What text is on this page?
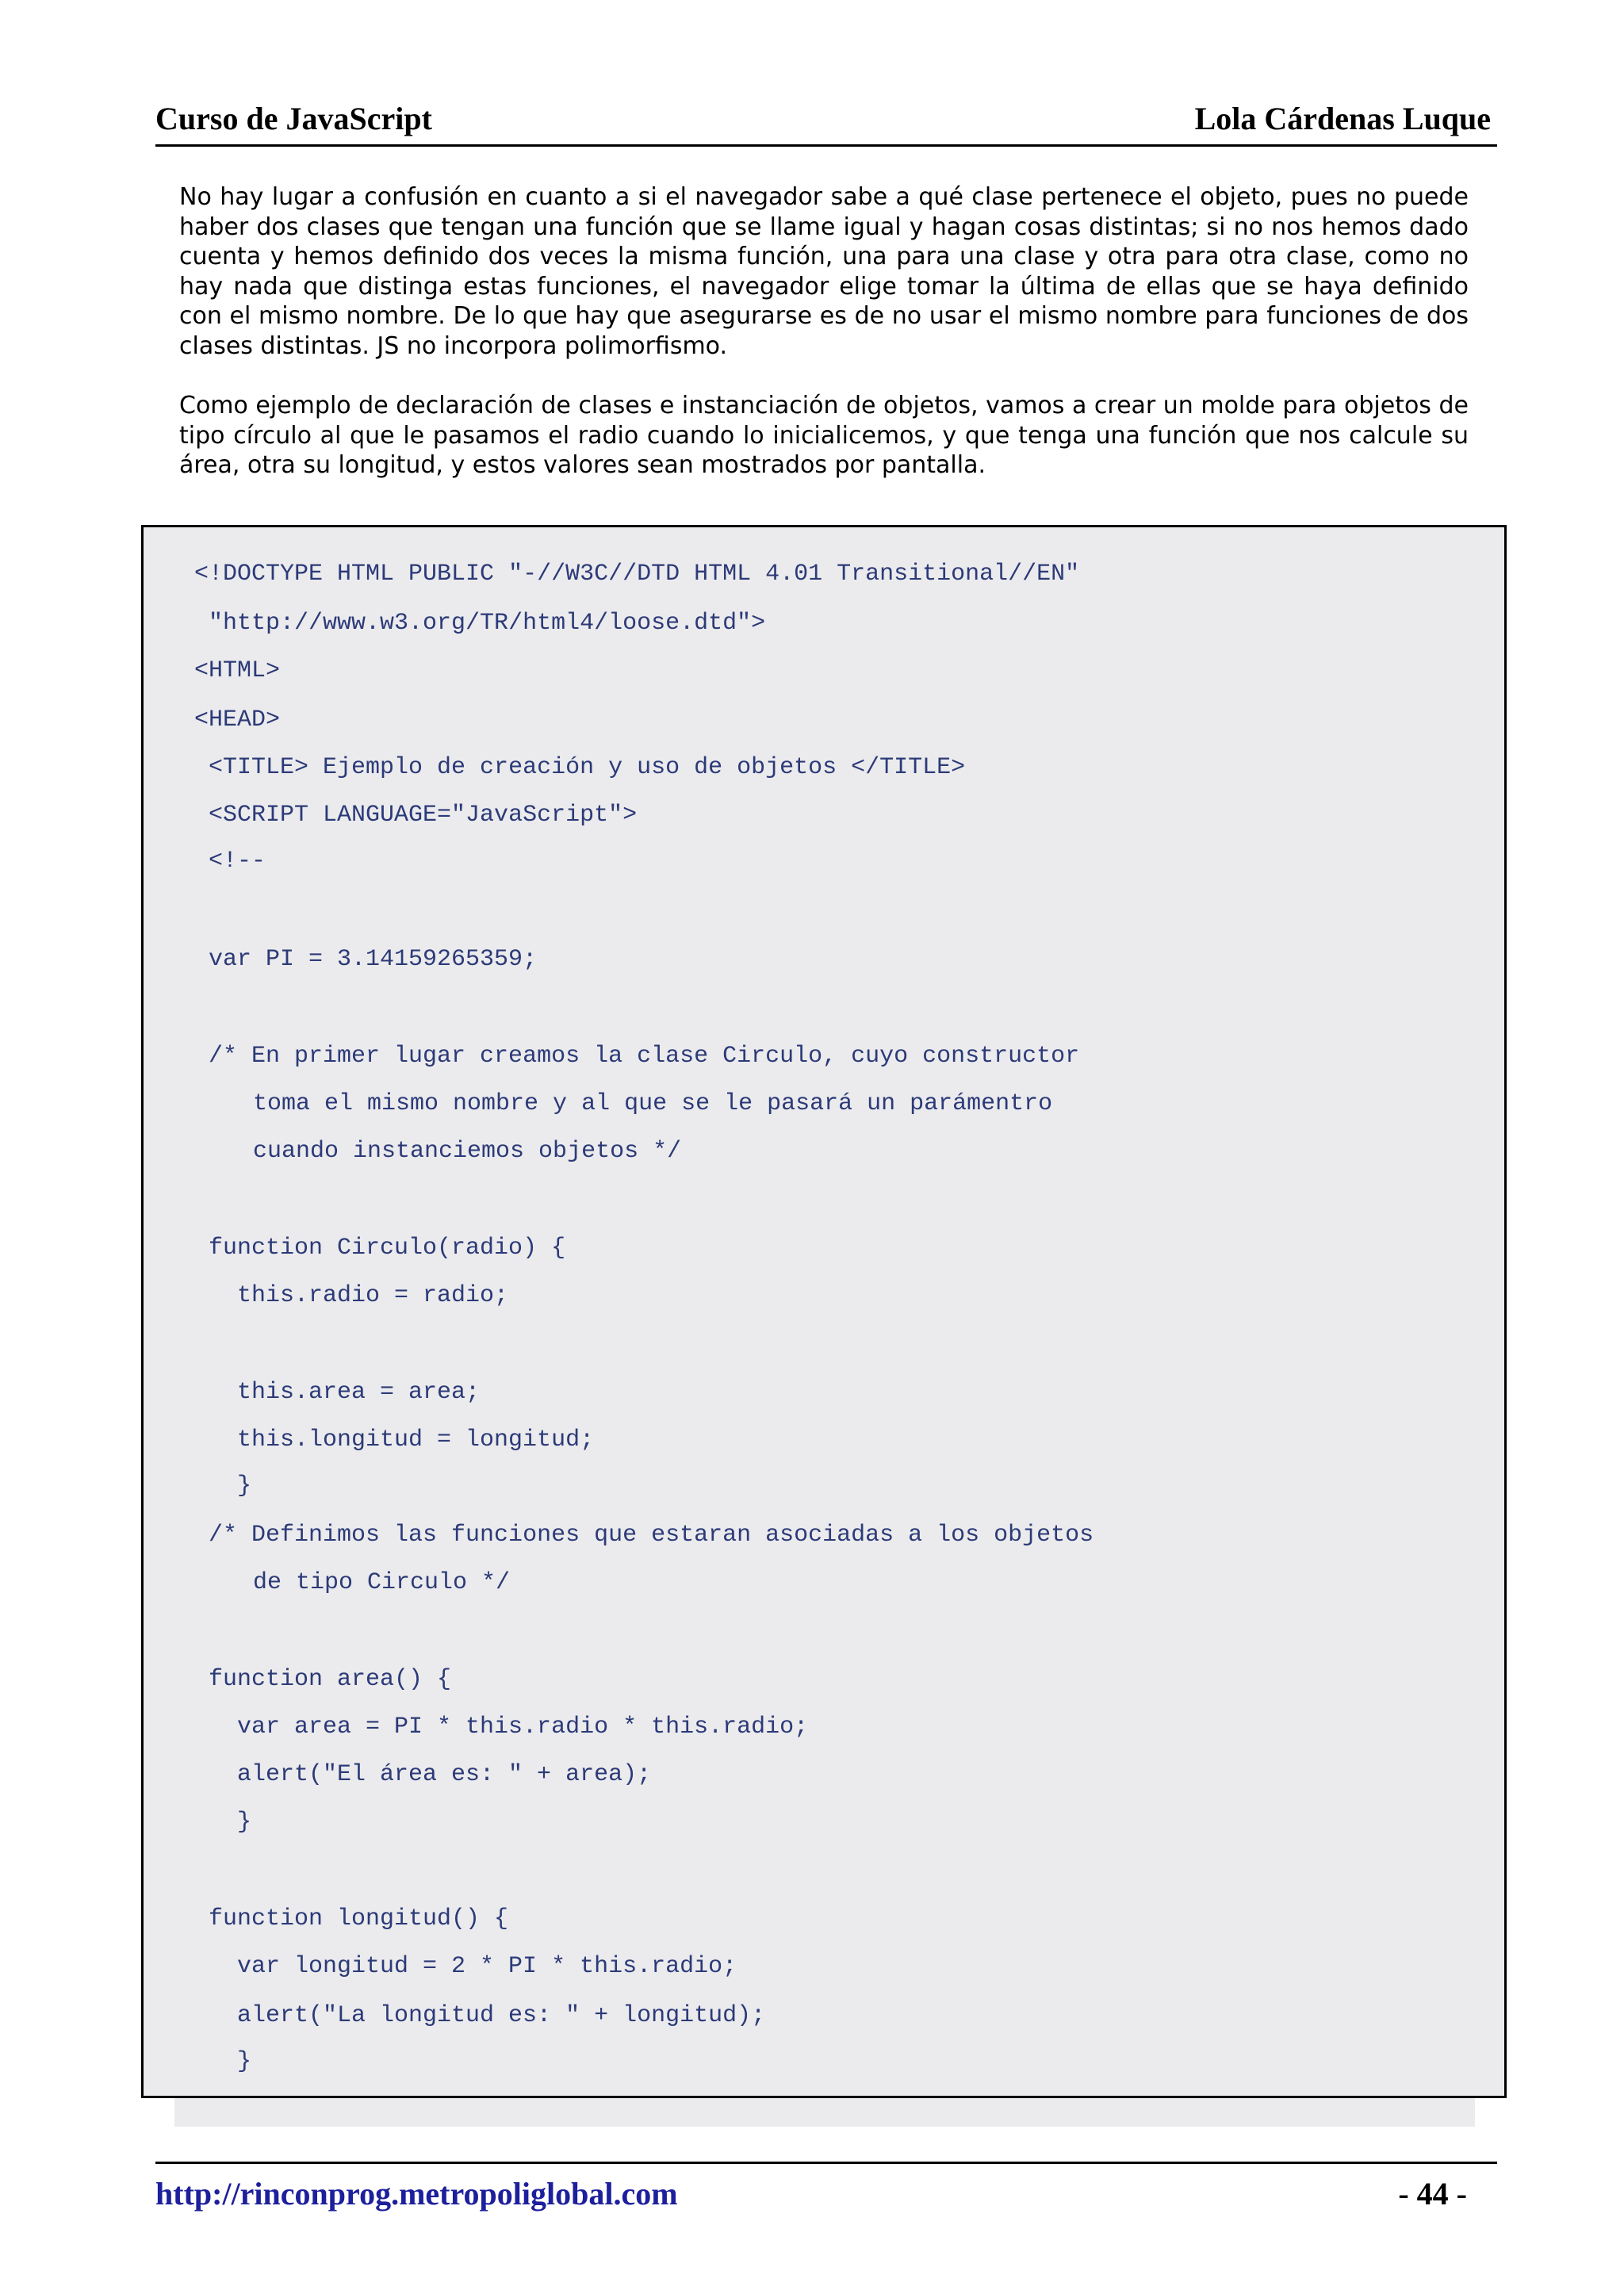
Curso de JavaScript	Lola Cárdenas Luque

No hay lugar a confusión en cuanto a si el navegador sabe a qué clase pertenece el objeto, pues no puede haber dos clases que tengan una función que se llame igual y hagan cosas distintas; si no nos hemos dado cuenta y hemos definido dos veces la misma función, una para una clase y otra para otra clase, como no hay nada que distinga estas funciones, el navegador elige tomar la última de ellas que se haya definido con el mismo nombre. De lo que hay que asegurarse es de no usar el mismo nombre para funciones de dos clases distintas. JS no incorpora polimorfismo.

Como ejemplo de declaración de clases e instanciación de objetos, vamos a crear un molde para objetos de tipo círculo al que le pasamos el radio cuando lo inicialicemos, y que tenga una función que nos calcule su área, otra su longitud, y estos valores sean mostrados por pantalla.

<!DOCTYPE HTML PUBLIC "-//W3C//DTD HTML 4.01 Transitional//EN"
"http://www.w3.org/TR/html4/loose.dtd">
<HTML>
<HEAD>
<TITLE> Ejemplo de creación y uso de objetos </TITLE>
<SCRIPT LANGUAGE="JavaScript">
<!--
var PI = 3.14159265359;
/* En primer lugar creamos la clase Circulo, cuyo constructor
toma el mismo nombre y al que se le pasará un parámentro
cuando instanciemos objetos */
function Circulo(radio) {
this.radio = radio;
this.area = area;
this.longitud = longitud;
}
/* Definimos las funciones que estaran asociadas a los objetos
de tipo Circulo */
function area() {
var area = PI * this.radio * this.radio;
alert("El área es: " + area);
}
function longitud() {
var longitud = 2 * PI * this.radio;
alert("La longitud es: " + longitud);
}
http://rinconprog.metropoliglobal.com	- 44 -
